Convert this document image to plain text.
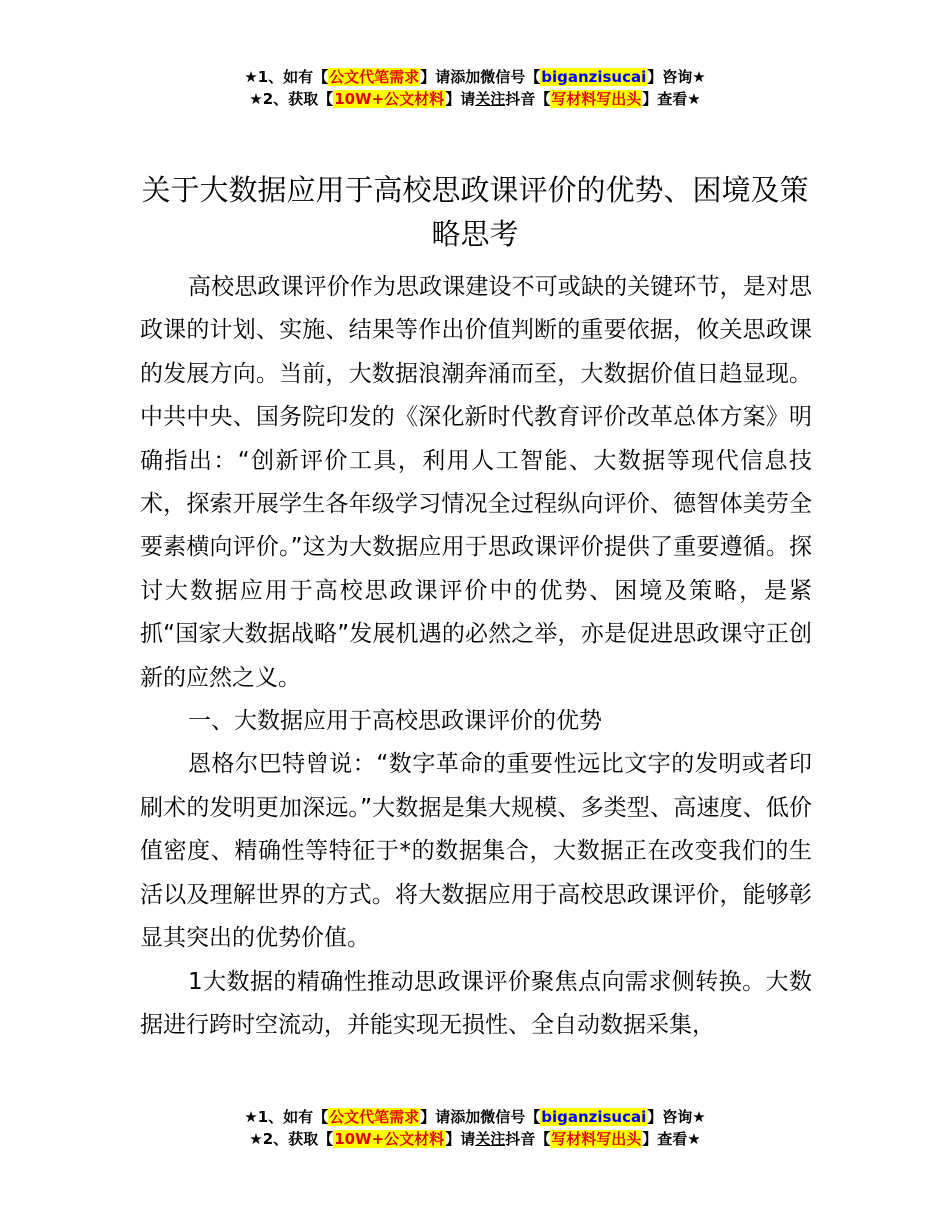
★1、如有【公文代笔需求】请添加微信号【biganzisucai】咨询★
★2、获取【10W+公文材料】请关注抖音【写材料写出头】查看★
关于大数据应用于高校思政课评价的优势、困境及策略思考

高校思政课评价作为思政课建设不可或缺的关键环节，是对思政课的计划、实施、结果等作出价值判断的重要依据，攸关思政课的发展方向。当前，大数据浪潮奔涌而至，大数据价值日趋显现。中共中央、国务院印发的《深化新时代教育评价改革总体方案》明确指出：“创新评价工具，利用人工智能、大数据等现代信息技术，探索开展学生各年级学习情况全过程纵向评价、德智体美劳全要素横向评价。”这为大数据应用于思政课评价提供了重要遵循。探讨大数据应用于高校思政课评价中的优势、困境及策略，是紧抓“国家大数据战略”发展机遇的必然之举，亦是促进思政课守正创新的应然之义。

一、大数据应用于高校思政课评价的优势

恩格尔巴特曾说：“数字革命的重要性远比文字的发明或者印刷术的发明更加深远。”大数据是集大规模、多类型、高速度、低价值密度、精确性等特征于*的数据集合，大数据正在改变我们的生活以及理解世界的方式。将大数据应用于高校思政课评价，能够彰显其突出的优势价值。

1大数据的精确性推动思政课评价聚焦点向需求侧转换。大数据进行跨时空流动，并能实现无损性、全自动数据采集，

★1、如有【公文代笔需求】请添加微信号【biganzisucai】咨询★
★2、获取【10W+公文材料】请关注抖音【写材料写出头】查看★
